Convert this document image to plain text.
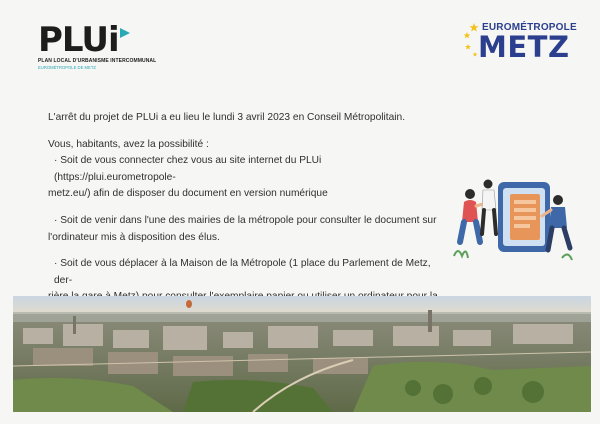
PLUi
PLAN LOCAL D'URBANISME INTERCOMMUNAL
EUROMÉTROPOLE DE METZ
EUROMÉTROPOLE
METZ

L'arrêt du projet de PLUi a eu lieu le lundi 3 avril 2023 en Conseil Métropolitain.

Vous, habitants, avez la possibilité :

· Soit de vous connecter chez vous au site internet du PLUi (https://plui.eurometropole-

metz.eu/) afin de disposer du document en version numérique

· Soit de venir dans l'une des mairies de la métropole pour consulter le document sur

l'ordinateur mis à disposition des élus.

· Soit de vous déplacer à la Maison de la Métropole (1 place du Parlement de Metz, der-
